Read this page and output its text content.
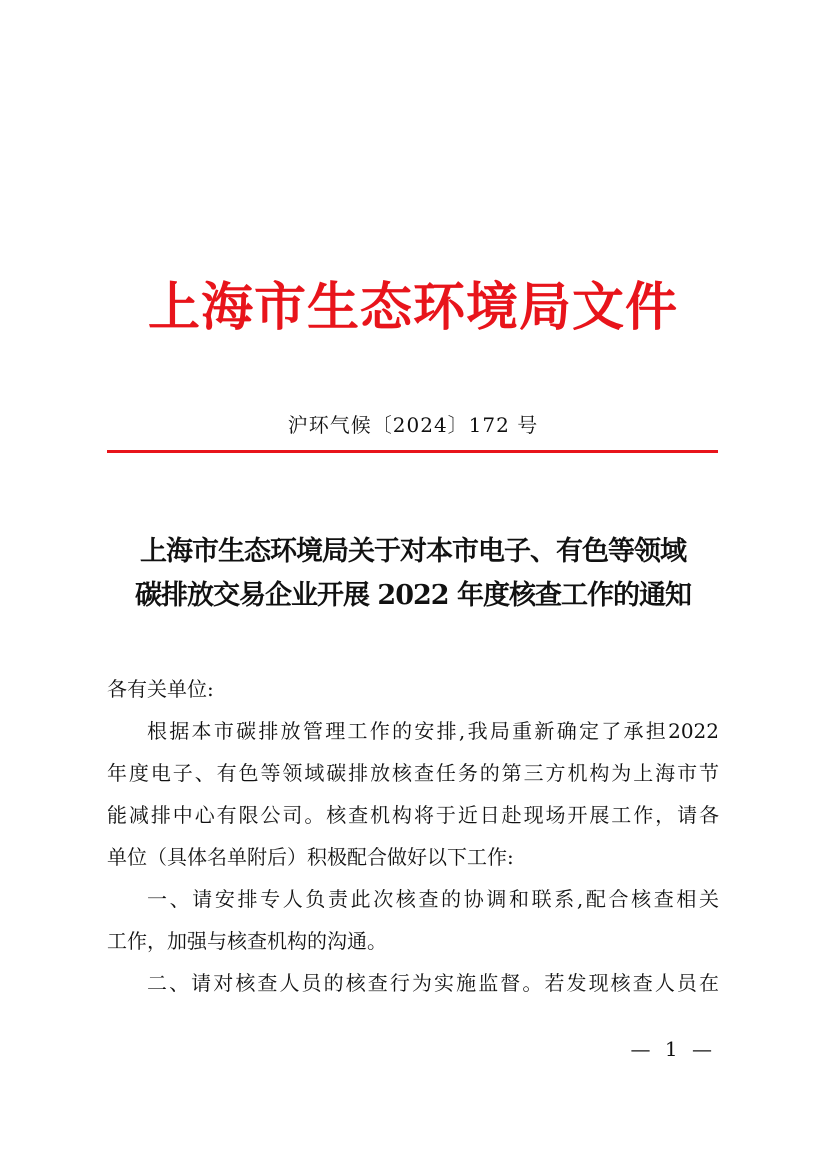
上海市生态环境局文件
沪环气候〔2024〕172 号
上海市生态环境局关于对本市电子、有色等领域
碳排放交易企业开展 2022 年度核查工作的通知
各有关单位:
根据本市碳排放管理工作的安排,我局重新确定了承担2022
年度电子、有色等领域碳排放核查任务的第三方机构为上海市节
能减排中心有限公司。核查机构将于近日赴现场开展工作，请各
单位（具体名单附后）积极配合做好以下工作:
一、请安排专人负责此次核查的协调和联系,配合核查相关
工作，加强与核查机构的沟通。
二、请对核查人员的核查行为实施监督。若发现核查人员在
— 1 —
